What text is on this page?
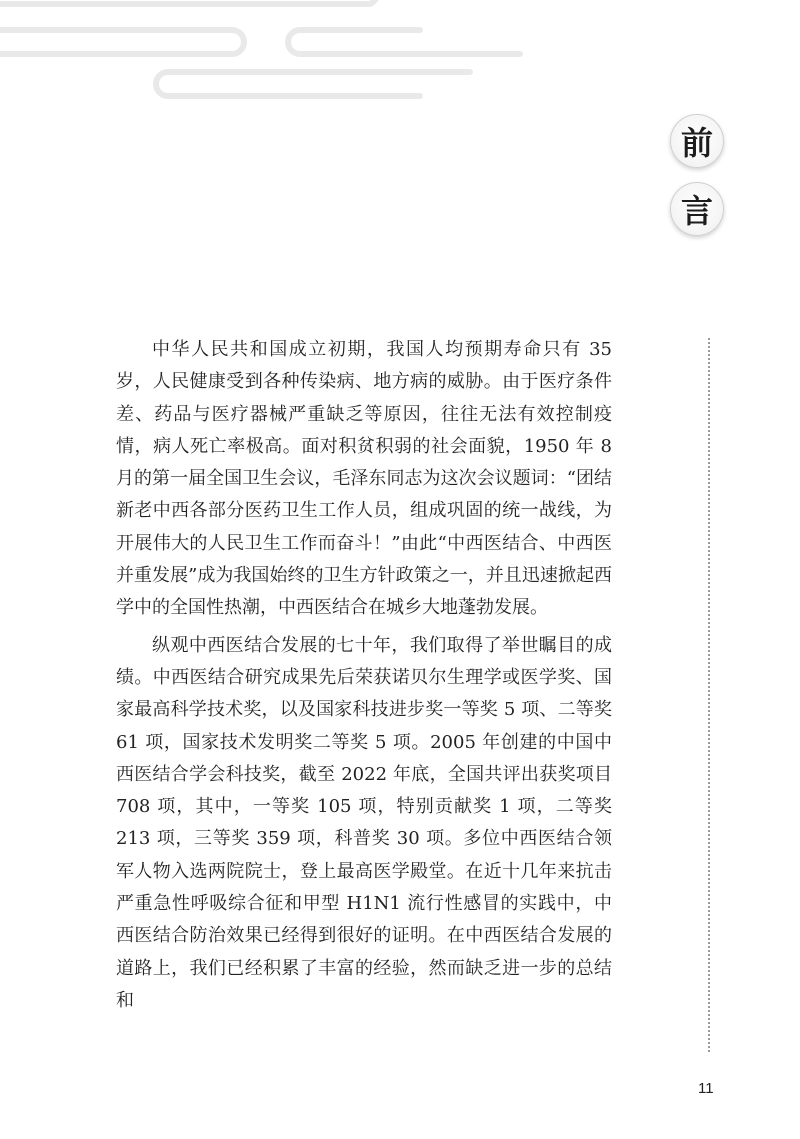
前
言

中华人民共和国成立初期，我国人均预期寿命只有 35 岁，人民健康受到各种传染病、地方病的威胁。由于医疗条件差、药品与医疗器械严重缺乏等原因，往往无法有效控制疫情，病人死亡率极高。面对积贫积弱的社会面貌，1950 年 8 月的第一届全国卫生会议，毛泽东同志为这次会议题词：“团结新老中西各部分医药卫生工作人员，组成巩固的统一战线，为开展伟大的人民卫生工作而奋斗！”由此“中西医结合、中西医并重发展”成为我国始终的卫生方针政策之一，并且迅速掀起西学中的全国性热潮，中西医结合在城乡大地蓬勃发展。

纵观中西医结合发展的七十年，我们取得了举世瞩目的成绩。中西医结合研究成果先后荣获诺贝尔生理学或医学奖、国家最高科学技术奖，以及国家科技进步奖一等奖 5 项、二等奖 61 项，国家技术发明奖二等奖 5 项。2005 年创建的中国中西医结合学会科技奖，截至 2022 年底，全国共评出获奖项目 708 项，其中，一等奖 105 项，特别贡献奖 1 项，二等奖 213 项，三等奖 359 项，科普奖 30 项。多位中西医结合领军人物入选两院院士，登上最高医学殿堂。在近十几年来抗击严重急性呼吸综合征和甲型 H1N1 流行性感冒的实践中，中西医结合防治效果已经得到很好的证明。在中西医结合发展的道路上，我们已经积累了丰富的经验，然而缺乏进一步的总结和

11
